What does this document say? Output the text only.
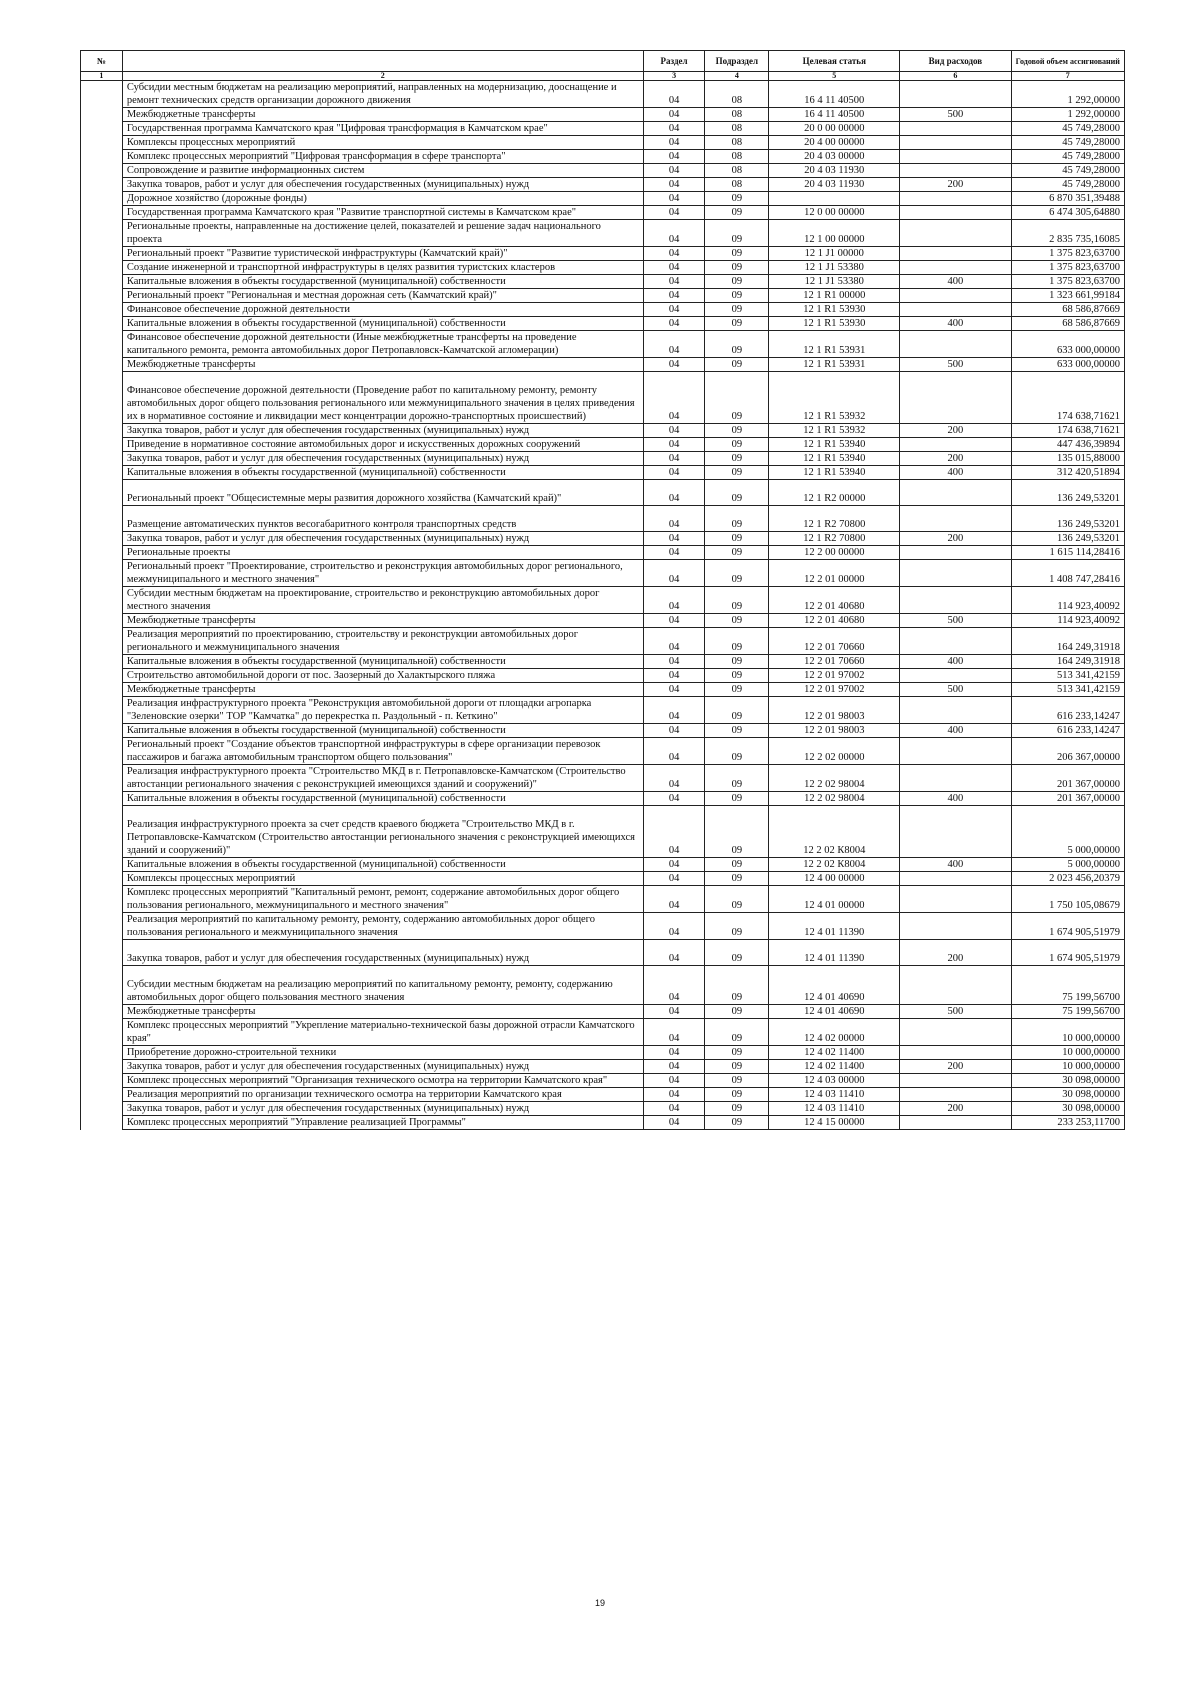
№		Раздел	Подраздел	Целевая статья	Вид расходов	Годовой объем ассигнований
1	2	3	4	5	6	7
	Субсидии местным бюджетам на реализацию мероприятий, направленных на модернизацию, дооснащение и ремонт технических средств организации дорожного движения	04	08	16 4 11 40500		1 292,00000
	Межбюджетные трансферты	04	08	16 4 11 40500	500	1 292,00000
	Государственная программа Камчатского края "Цифровая трансформация в Камчатском крае"	04	08	20 0 00 00000		45 749,28000
	Комплексы процессных мероприятий	04	08	20 4 00 00000		45 749,28000
	Комплекс процессных мероприятий "Цифровая трансформация в сфере транспорта"	04	08	20 4 03 00000		45 749,28000
	Сопровождение и развитие информационных систем	04	08	20 4 03 11930		45 749,28000
	Закупка товаров, работ и услуг для обеспечения государственных (муниципальных) нужд	04	08	20 4 03 11930	200	45 749,28000
	Дорожное хозяйство (дорожные фонды)	04	09			6 870 351,39488
	Государственная программа Камчатского края "Развитие транспортной системы в Камчатском крае"	04	09	12 0 00 00000		6 474 305,64880
	Региональные проекты, направленные на достижение целей, показателей и решение задач национального проекта	04	09	12 1 00 00000		2 835 735,16085
	Региональный проект "Развитие туристической инфраструктуры (Камчатский край)"	04	09	12 1 J1 00000		1 375 823,63700
	Создание инженерной и транспортной инфраструктуры в целях развития туристских кластеров	04	09	12 1 J1 53380		1 375 823,63700
	Капитальные вложения в объекты государственной (муниципальной) собственности	04	09	12 1 J1 53380	400	1 375 823,63700
	Региональный проект "Региональная и местная дорожная сеть (Камчатский край)"	04	09	12 1 R1 00000		1 323 661,99184
	Финансовое обеспечение дорожной деятельности	04	09	12 1 R1 53930		68 586,87669
	Капитальные вложения в объекты государственной (муниципальной) собственности	04	09	12 1 R1 53930	400	68 586,87669
	Финансовое обеспечение дорожной деятельности (Иные межбюджетные трансферты на проведение капитального ремонта, ремонта автомобильных дорог Петропавловск-Камчатской агломерации)	04	09	12 1 R1 53931		633 000,00000
	Межбюджетные трансферты	04	09	12 1 R1 53931	500	633 000,00000
	Финансовое обеспечение дорожной деятельности (Проведение работ по капитальному ремонту, ремонту автомобильных дорог общего пользования регионального или межмуниципального значения в целях приведения их в нормативное состояние и ликвидации мест концентрации дорожно-транспортных происшествий)	04	09	12 1 R1 53932		174 638,71621
	Закупка товаров, работ и услуг для обеспечения государственных (муниципальных) нужд	04	09	12 1 R1 53932	200	174 638,71621
	Приведение в нормативное состояние автомобильных дорог и искусственных дорожных сооружений	04	09	12 1 R1 53940		447 436,39894
	Закупка товаров, работ и услуг для обеспечения государственных (муниципальных) нужд	04	09	12 1 R1 53940	200	135 015,88000
	Капитальные вложения в объекты государственной (муниципальной) собственности	04	09	12 1 R1 53940	400	312 420,51894
	Региональный проект "Общесистемные меры развития дорожного хозяйства (Камчатский край)"	04	09	12 1 R2 00000		136 249,53201
	Размещение автоматических пунктов весогабаритного контроля транспортных средств	04	09	12 1 R2 70800		136 249,53201
	Закупка товаров, работ и услуг для обеспечения государственных (муниципальных) нужд	04	09	12 1 R2 70800	200	136 249,53201
	Региональные проекты	04	09	12 2 00 00000		1 615 114,28416
	Региональный проект "Проектирование, строительство и реконструкция автомобильных дорог регионального, межмуниципального и местного значения"	04	09	12 2 01 00000		1 408 747,28416
	Субсидии местным бюджетам на проектирование, строительство и реконструкцию автомобильных дорог местного значения	04	09	12 2 01 40680		114 923,40092
	Межбюджетные трансферты	04	09	12 2 01 40680	500	114 923,40092
	Реализация мероприятий по проектированию, строительству и реконструкции автомобильных дорог регионального и межмуниципального значения	04	09	12 2 01 70660		164 249,31918
	Капитальные вложения в объекты государственной (муниципальной) собственности	04	09	12 2 01 70660	400	164 249,31918
	Строительство автомобильной дороги от пос. Заозерный до Халактырского пляжа	04	09	12 2 01 97002		513 341,42159
	Межбюджетные трансферты	04	09	12 2 01 97002	500	513 341,42159
	Реализация инфраструктурного проекта "Реконструкция автомобильной дороги от площадки агропарка "Зеленовские озерки" ТОР "Камчатка" до перекрестка п. Раздольный - п. Кеткино"	04	09	12 2 01 98003		616 233,14247
	Капитальные вложения в объекты государственной (муниципальной) собственности	04	09	12 2 01 98003	400	616 233,14247
	Региональный проект "Создание объектов транспортной инфраструктуры в сфере организации перевозок пассажиров и багажа автомобильным транспортом общего пользования"	04	09	12 2 02 00000		206 367,00000
	Реализация инфраструктурного проекта "Строительство МКД в г. Петропавловске-Камчатском (Строительство автостанции регионального значения с реконструкцией имеющихся зданий и сооружений)"	04	09	12 2 02 98004		201 367,00000
	Капитальные вложения в объекты государственной (муниципальной) собственности	04	09	12 2 02 98004	400	201 367,00000
	Реализация инфраструктурного проекта за счет средств краевого бюджета "Строительство МКД в г. Петропавловске-Камчатском (Строительство автостанции регионального значения с реконструкцией имеющихся зданий и сооружений)"	04	09	12 2 02 К8004		5 000,00000
	Капитальные вложения в объекты государственной (муниципальной) собственности	04	09	12 2 02 К8004	400	5 000,00000
	Комплексы процессных мероприятий	04	09	12 4 00 00000		2 023 456,20379
	Комплекс процессных мероприятий "Капитальный ремонт, ремонт, содержание автомобильных дорог общего пользования регионального, межмуниципального и местного значения"	04	09	12 4 01 00000		1 750 105,08679
	Реализация мероприятий по капитальному ремонту, ремонту, содержанию автомобильных дорог общего пользования регионального и межмуниципального значения	04	09	12 4 01 11390		1 674 905,51979
	Закупка товаров, работ и услуг для обеспечения государственных (муниципальных) нужд	04	09	12 4 01 11390	200	1 674 905,51979
	Субсидии местным бюджетам на реализацию мероприятий по капитальному ремонту, ремонту, содержанию автомобильных дорог общего пользования местного значения	04	09	12 4 01 40690		75 199,56700
	Межбюджетные трансферты	04	09	12 4 01 40690	500	75 199,56700
	Комплекс процессных мероприятий "Укрепление материально-технической базы дорожной отрасли Камчатского края"	04	09	12 4 02 00000		10 000,00000
	Приобретение дорожно-строительной техники	04	09	12 4 02 11400		10 000,00000
	Закупка товаров, работ и услуг для обеспечения государственных (муниципальных) нужд	04	09	12 4 02 11400	200	10 000,00000
	Комплекс процессных мероприятий "Организация технического осмотра на территории Камчатского края"	04	09	12 4 03 00000		30 098,00000
	Реализация мероприятий по организации технического осмотра на территории Камчатского края	04	09	12 4 03 11410		30 098,00000
	Закупка товаров, работ и услуг для обеспечения государственных (муниципальных) нужд	04	09	12 4 03 11410	200	30 098,00000
	Комплекс процессных мероприятий "Управление реализацией Программы"	04	09	12 4 15 00000		233 253,11700
19
